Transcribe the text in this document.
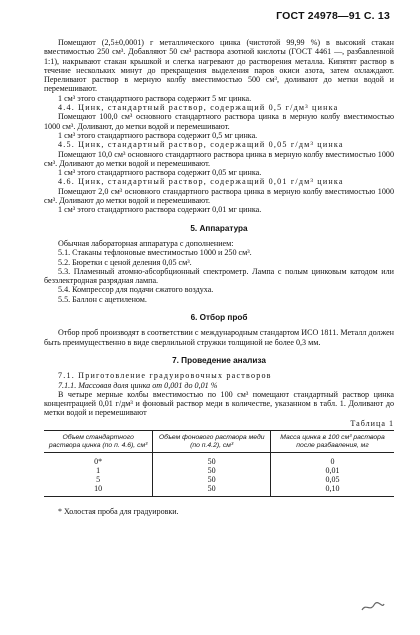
ГОСТ 24978—91 С. 13

Помещают (2,5±0,0001) г металлического цинка (чистотой 99,99 %) в высокий стакан вместимостью 250 см³. Добавляют 50 см³ раствора азотной кислоты (ГОСТ 4461 —, разбавленной 1:1), накрывают стакан крышкой и слегка нагревают до растворения металла. Кипятят раствор в течение нескольких минут до прекращения выделения паров окиси азота, затем охлаждают. Переливают раствор в мерную колбу вместимостью 500 см³, доливают до метки водой и перемешивают.

1 см³ этого стандартного раствора содержит 5 мг цинка.

4.4. Цинк, стандартный раствор, содержащий 0,5 г/дм³ цинка

Помещают 100,0 см³ основного стандартного раствора цинка в мерную колбу вместимостью 1000 см³. Доливают, до метки водой и перемешивают.

1 см³ этого стандартного раствора содержит 0,5 мг цинка.

4.5. Цинк, стандартный раствор, содержащий 0,05 г/дм³ цинка

Помещают 10,0 см³ основного стандартного раствора цинка в мерную колбу вместимостью 1000 см³. Доливают до метки водой и перемешивают.

1 см³ этого стандартного раствора содержит 0,05 мг цинка.

4.6. Цинк, стандартный раствор, содержащий 0,01 г/дм³ цинка

Помещают 2,0 см³ основного стандартного раствора цинка в мерную колбу вместимостью 1000 см³. Доливают до метки водой и перемешивают.

1 см³ этого стандартного раствора содержит 0,01 мг цинка.

5. Аппаратура

Обычная лабораторная аппаратура с дополнением:

5.1. Стаканы тефлоновые вместимостью 1000 и 250 см³.

5.2. Бюретки с ценой деления 0,05 см³.

5.3. Пламенный атомно-абсорбционный спектрометр. Лампа с полым цинковым катодом или безэлектродная разрядная лампа.

5.4. Компрессор для подачи сжатого воздуха.

5.5. Баллон с ацетиленом.

6. Отбор проб

Отбор проб производят в соответствии с международным стандартом ИСО 1811. Металл должен быть преимущественно в виде сверлильной стружки толщиной не более 0,3 мм.

7. Проведение анализа

7.1. Приготовление градуировочных растворов

7.1.1. Массовая доля цинка от 0,001 до 0,01 %

В четыре мерные колбы вместимостью по 100 см³ помещают стандартный раствор цинка концентрацией 0,01 г/дм³ и фоновый раствор меди в количестве, указанном в табл. 1. Доливают до метки водой и перемешивают

Таблица 1
Объем стандартного раствора цинка (по п. 4.6), см³	Объем фонового раствора меди (по п.4.2), см³	Масса цинка в 100 см³ раствора после разбавления, мг
0*	50	0
1	50	0,01
5	50	0,05
10	50	0,10

* Холостая проба для градуировки.
